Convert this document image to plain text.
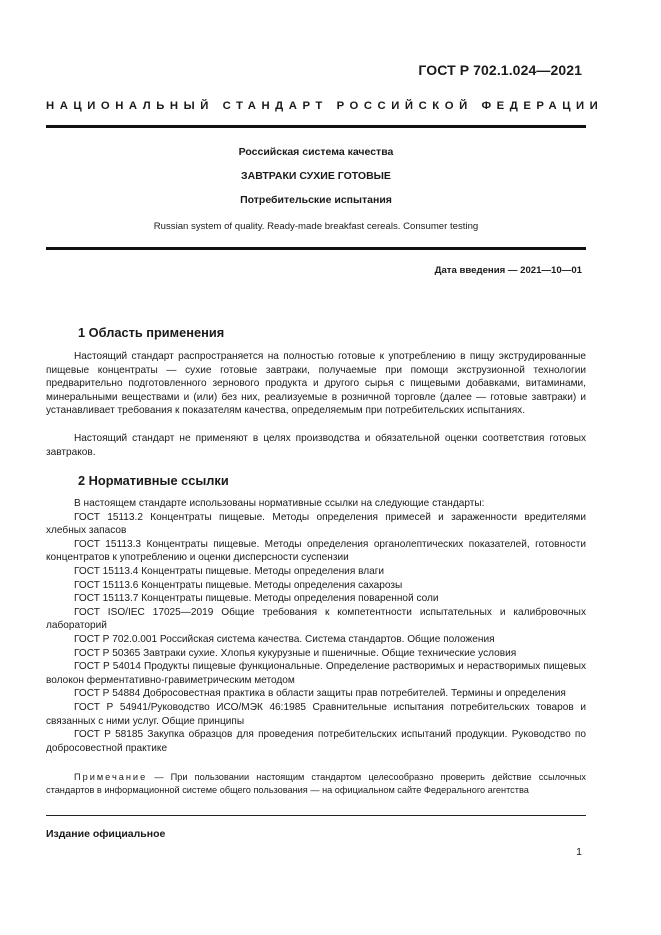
ГОСТ Р 702.1.024—2021
НАЦИОНАЛЬНЫЙ СТАНДАРТ РОССИЙСКОЙ ФЕДЕРАЦИИ
Российская система качества
ЗАВТРАКИ СУХИЕ ГОТОВЫЕ
Потребительские испытания
Russian system of quality. Ready-made breakfast cereals. Consumer testing
Дата введения — 2021—10—01
1 Область применения

Настоящий стандарт распространяется на полностью готовые к употреблению в пищу экструдированные пищевые концентраты — сухие готовые завтраки, получаемые при помощи экструзионной технологии предварительно подготовленного зернового продукта и другого сырья с пищевыми добавками, витаминами, минеральными веществами и (или) без них, реализуемые в розничной торговле (далее — готовые завтраки) и устанавливает требования к показателям качества, определяемым при потребительских испытаниях.

Настоящий стандарт не применяют в целях производства и обязательной оценки соответствия готовых завтраков.

2 Нормативные ссылки

В настоящем стандарте использованы нормативные ссылки на следующие стандарты:

ГОСТ 15113.2 Концентраты пищевые. Методы определения примесей и зараженности вредителями хлебных запасов

ГОСТ 15113.3 Концентраты пищевые. Методы определения органолептических показателей, готовности концентратов к употреблению и оценки дисперсности суспензии

ГОСТ 15113.4 Концентраты пищевые. Методы определения влаги

ГОСТ 15113.6 Концентраты пищевые. Методы определения сахарозы

ГОСТ 15113.7 Концентраты пищевые. Методы определения поваренной соли

ГОСТ ISO/IEC 17025—2019 Общие требования к компетентности испытательных и калибровочных лабораторий

ГОСТ Р 702.0.001 Российская система качества. Система стандартов. Общие положения

ГОСТ Р 50365 Завтраки сухие. Хлопья кукурузные и пшеничные. Общие технические условия

ГОСТ Р 54014 Продукты пищевые функциональные. Определение растворимых и нерастворимых пищевых волокон ферментативно-гравиметрическим методом

ГОСТ Р 54884 Добросовестная практика в области защиты прав потребителей. Термины и определения

ГОСТ Р 54941/Руководство ИСО/МЭК 46:1985 Сравнительные испытания потребительских товаров и связанных с ними услуг. Общие принципы

ГОСТ Р 58185 Закупка образцов для проведения потребительских испытаний продукции. Руководство по добросовестной практике

Примечание — При пользовании настоящим стандартом целесообразно проверить действие ссылочных стандартов в информационной системе общего пользования — на официальном сайте Федерального агентства

Издание официальное
1
